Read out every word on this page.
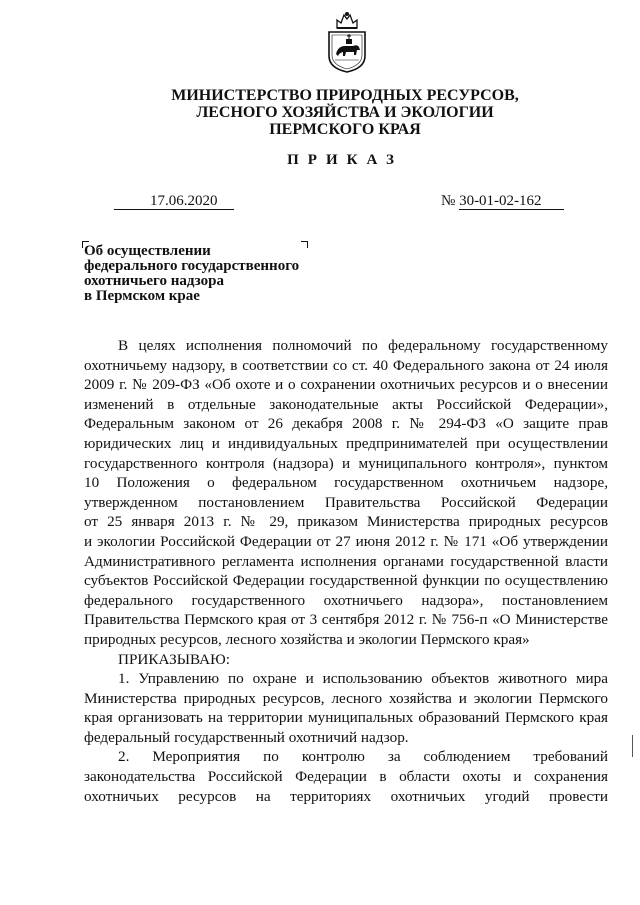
МИНИСТЕРСТВО ПРИРОДНЫХ РЕСУРСОВ,
ЛЕСНОГО ХОЗЯЙСТВА И ЭКОЛОГИИ
ПЕРМСКОГО КРАЯ
ПРИКАЗ
17.06.2020	№ 30-01-02-162
Об осуществлении
федерального государственного
охотничьего надзора
в Пермском крае
В целях исполнения полномочий по федеральному государственному
охотничьему надзору, в соответствии со ст. 40 Федерального закона от 24 июля
2009 г. № 209-ФЗ «Об охоте и о сохранении охотничьих ресурсов и о внесении
изменений в отдельные законодательные акты Российской Федерации»,
Федеральным законом от 26 декабря 2008 г. № 294-ФЗ «О защите прав
юридических лиц и индивидуальных предпринимателей при осуществлении
государственного контроля (надзора) и муниципального контроля», пунктом
10 Положения о федеральном государственном охотничьем надзоре,
утвержденном постановлением Правительства Российской Федерации
от 25 января 2013 г. № 29, приказом Министерства природных ресурсов
и экологии Российской Федерации от 27 июня 2012 г. № 171 «Об утверждении
Административного регламента исполнения органами государственной власти
субъектов Российской Федерации государственной функции по осуществлению
федерального государственного охотничьего надзора», постановлением
Правительства Пермского края от 3 сентября 2012 г. № 756-п «О Министерстве
природных ресурсов, лесного хозяйства и экологии Пермского края»
ПРИКАЗЫВАЮ:
1. Управлению по охране и использованию объектов животного мира
Министерства природных ресурсов, лесного хозяйства и экологии Пермского
края организовать на территории муниципальных образований Пермского края
федеральный государственный охотничий надзор.
2. Мероприятия по контролю за соблюдением требований
законодательства Российской Федерации в области охоты и сохранения
охотничьих ресурсов на территориях охотничьих угодий провести
